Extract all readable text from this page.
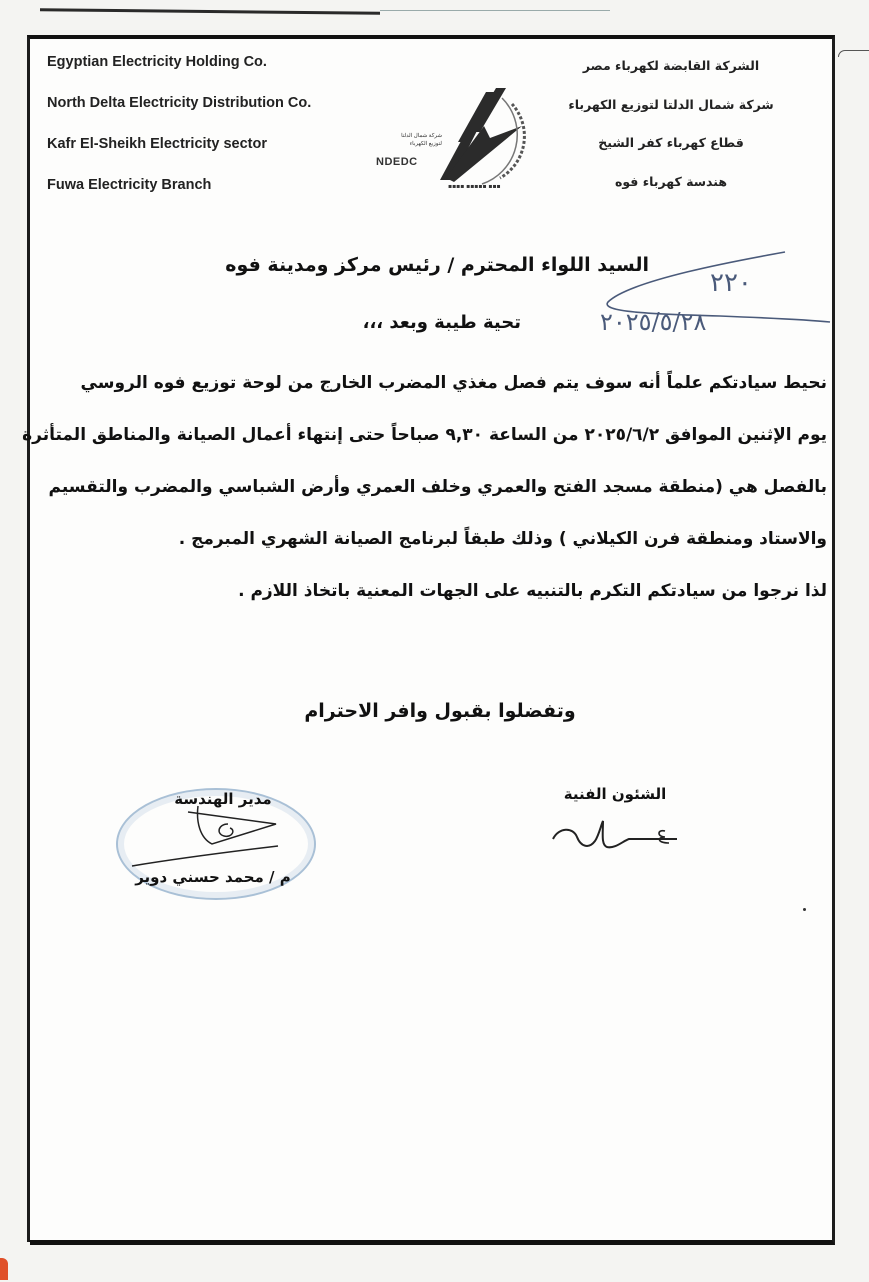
Egyptian Electricity Holding Co.
North Delta Electricity Distribution Co.
Kafr El-Sheikh Electricity sector
Fuwa Electricity Branch	▪▪▪▪ ▪▪▪▪▪ ▪▪▪
شركة شمال الدلتا
لتوزيع الكهرباء
NDEDC
الشركة القابضة لكهرباء مصر
شركة شمال الدلتا لتوزيع الكهرباء
قطاع كهرباء كفر الشيخ
هندسة كهرباء فوه
٢٢٠
٢٠٢٥/٥/٢٨
السيد اللواء المحترم / رئيس مركز ومدينة فوه
تحية طيبة وبعد ،،،
نحيط سيادتكم علماً أنه سوف يتم فصل مغذي المضرب الخارج من لوحة توزيع فوه الروسي
يوم الإثنين الموافق ٢٠٢٥/٦/٢ من الساعة ٩,٣٠ صباحاً حتى إنتهاء أعمال الصيانة والمناطق المتأثرة
بالفصل هي (منطقة مسجد الفتح والعمري وخلف العمري وأرض الشباسي والمضرب والتقسيم
والاستاد ومنطقة فرن الكيلاني ) وذلك طبقاً لبرنامج الصيانة الشهري المبرمج .
لذا نرجوا من سيادتكم التكرم بالتنبيه على الجهات المعنية باتخاذ اللازم .
وتفضلوا بقبول وافر الاحترام
الشئون الفنية
مدير الهندسة
م / محمد حسني دوير
